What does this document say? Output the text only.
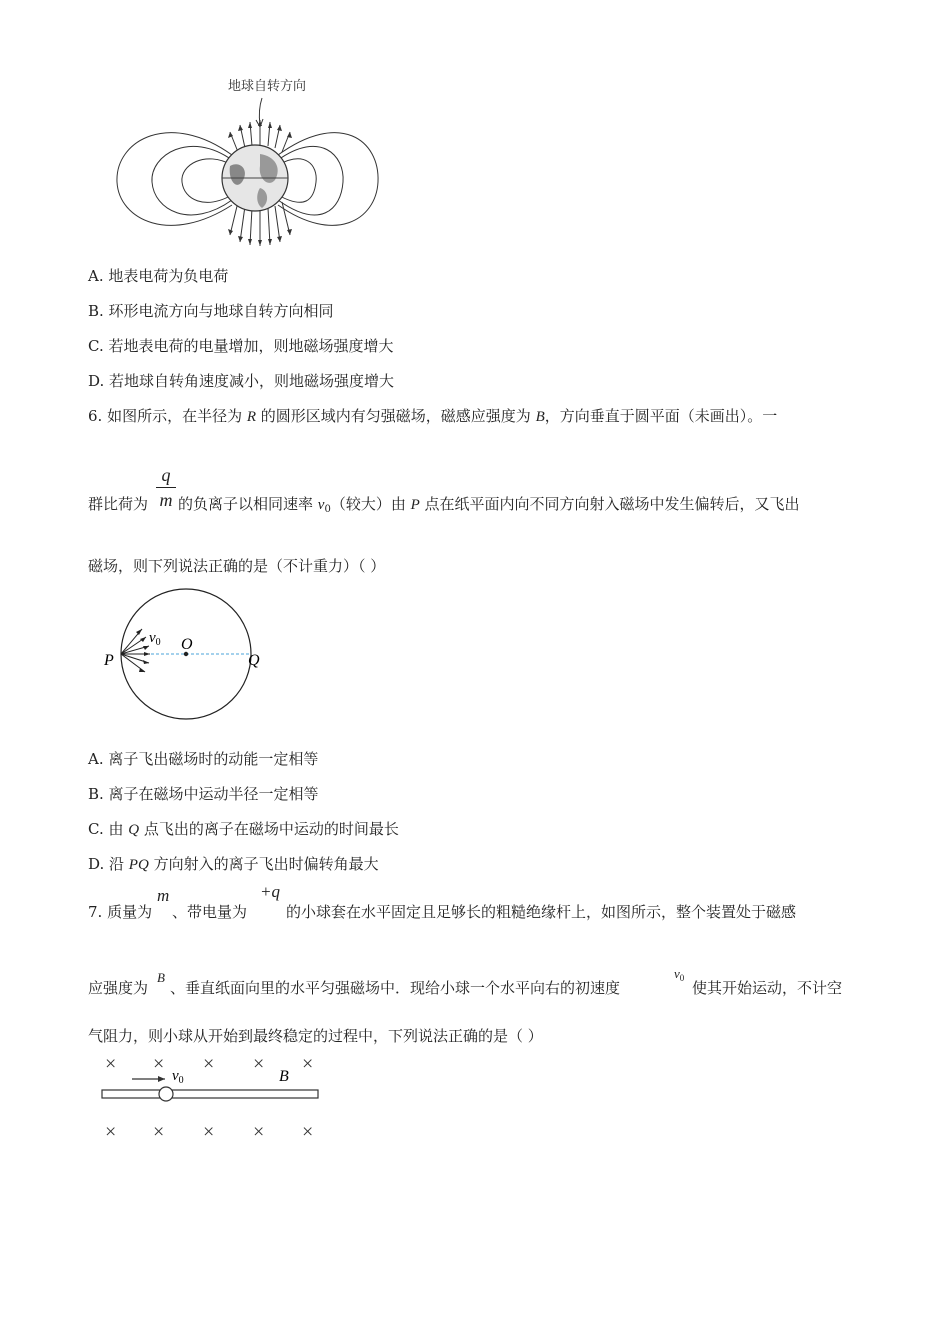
地球自转方向
A. 地表电荷为负电荷
B. 环形电流方向与地球自转方向相同
C. 若地表电荷的电量增加，则地磁场强度增大
D. 若地球自转角速度减小，则地磁场强度增大
6. 如图所示，在半径为 R 的圆形区域内有匀强磁场，磁感应强度为 B，方向垂直于圆平面（未画出）。一
q
m
群比荷为 的负离子以相同速率 $v_0$（较大）由 P 点在纸平面内向不同方向射入磁场中发生偏转后，又飞出
磁场，则下列说法正确的是（不计重力）（ ）
P
O
Q
$v_0$
A. 离子飞出磁场时的动能一定相等
B. 离子在磁场中运动半径一定相等
C. 由 Q 点飞出的离子在磁场中运动的时间最长
D. 沿 PQ 方向射入的离子飞出时偏转角最大
m	+q
7. 质量为 、带电量为	的小球套在水平固定且足够长的粗糙绝缘杆上，如图所示，整个装置处于磁感
B	$v_0$
应强度为 、垂直纸面向里的水平匀强磁场中．现给小球一个水平向右的初速度	使其开始运动，不计空
气阻力，则小球从开始到最终稳定的过程中，下列说法正确的是（ ）
× × × × ×
× × × × ×
$v_0$	B
